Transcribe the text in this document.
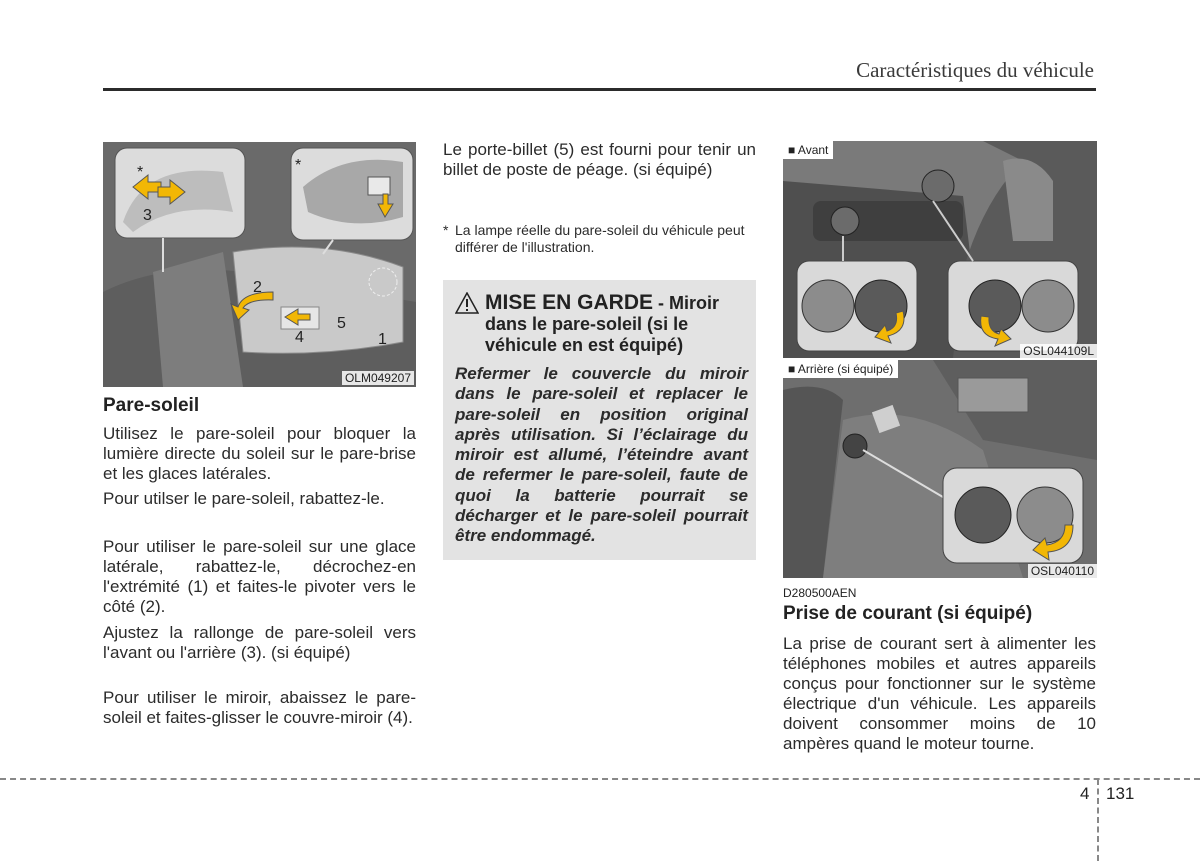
Caractéristiques du véhicule
*	*
3
2
4
5
1
OLM049207
Pare-soleil
Utilisez le pare-soleil pour bloquer la lumière directe du soleil sur le pare-brise et les glaces latérales.
Pour utilser le pare-soleil, rabattez-le.
Pour utiliser le pare-soleil sur une glace latérale, rabattez-le, décrochez-en l'extrémité (1) et faites-le pivoter vers le côté (2).
Ajustez la rallonge de pare-soleil vers l'avant ou l'arrière (3). (si équipé)
Pour utiliser le miroir, abaissez le pare-soleil et faites-glisser le couvre-miroir (4).
Le porte-billet (5) est fourni pour tenir un billet de poste de péage. (si équipé)
* La lampe réelle du pare-soleil du véhicule peut différer de l'illustration.
MISE EN GARDE - Miroir dans le pare-soleil (si le véhicule en est équipé)
Refermer le couvercle du miroir dans le pare-soleil et replacer le pare-soleil en position original après utilisation. Si l’éclairage du miroir est allumé, l’éteindre avant de refermer le pare-soleil, faute de quoi la batterie pourrait se décharger et le pare-soleil pourrait être endommagé.
■ Avant
OSL044109L
■ Arrière (si équipé)
OSL040110
D280500AEN
Prise de courant (si équipé)
La prise de courant sert à alimenter les téléphones mobiles et autres appareils conçus pour fonctionner sur le système électrique d'un véhicule. Les appareils doivent consommer moins de 10 ampères quand le moteur tourne.
4 131
